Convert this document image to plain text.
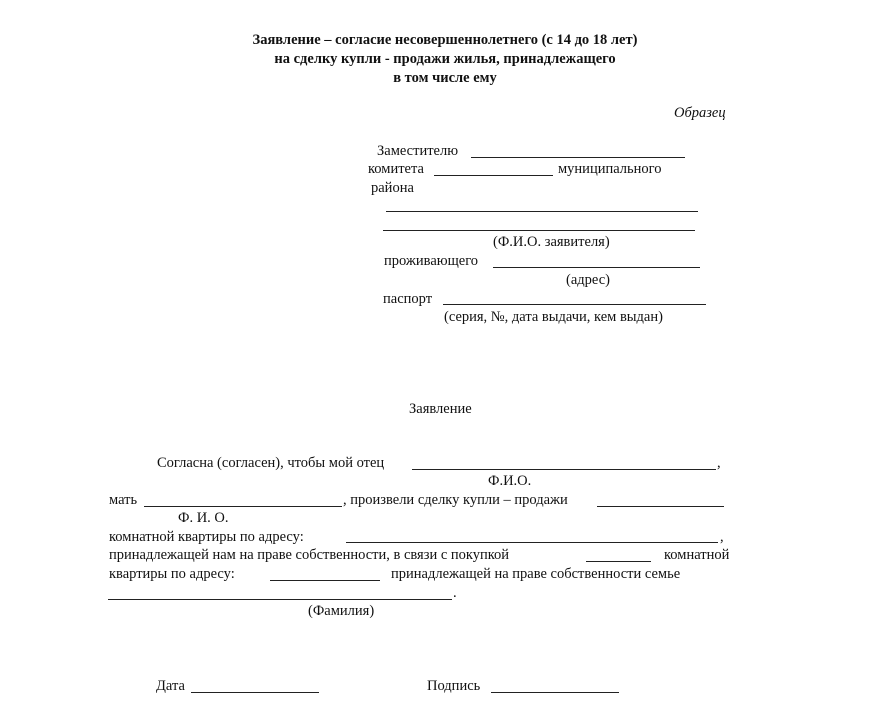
Заявление – согласие несовершеннолетнего (с 14 до 18 лет)
на сделку купли - продажи жилья, принадлежащего
в том числе ему
Образец
Заместителю
комитета	муниципального
района
(Ф.И.О. заявителя)
проживающего
(адрес)
паспорт
(серия, №, дата выдачи, кем выдан)
Заявление
Согласна (согласен), чтобы мой отец	,
Ф.И.О.
мать	, произвели сделку купли – продажи
Ф. И. О.
комнатной квартиры по адресу:	,
принадлежащей нам на праве собственности, в связи с покупкой	комнатной
квартиры по адресу:	принадлежащей на праве собственности семье
.
(Фамилия)
Дата	Подпись
